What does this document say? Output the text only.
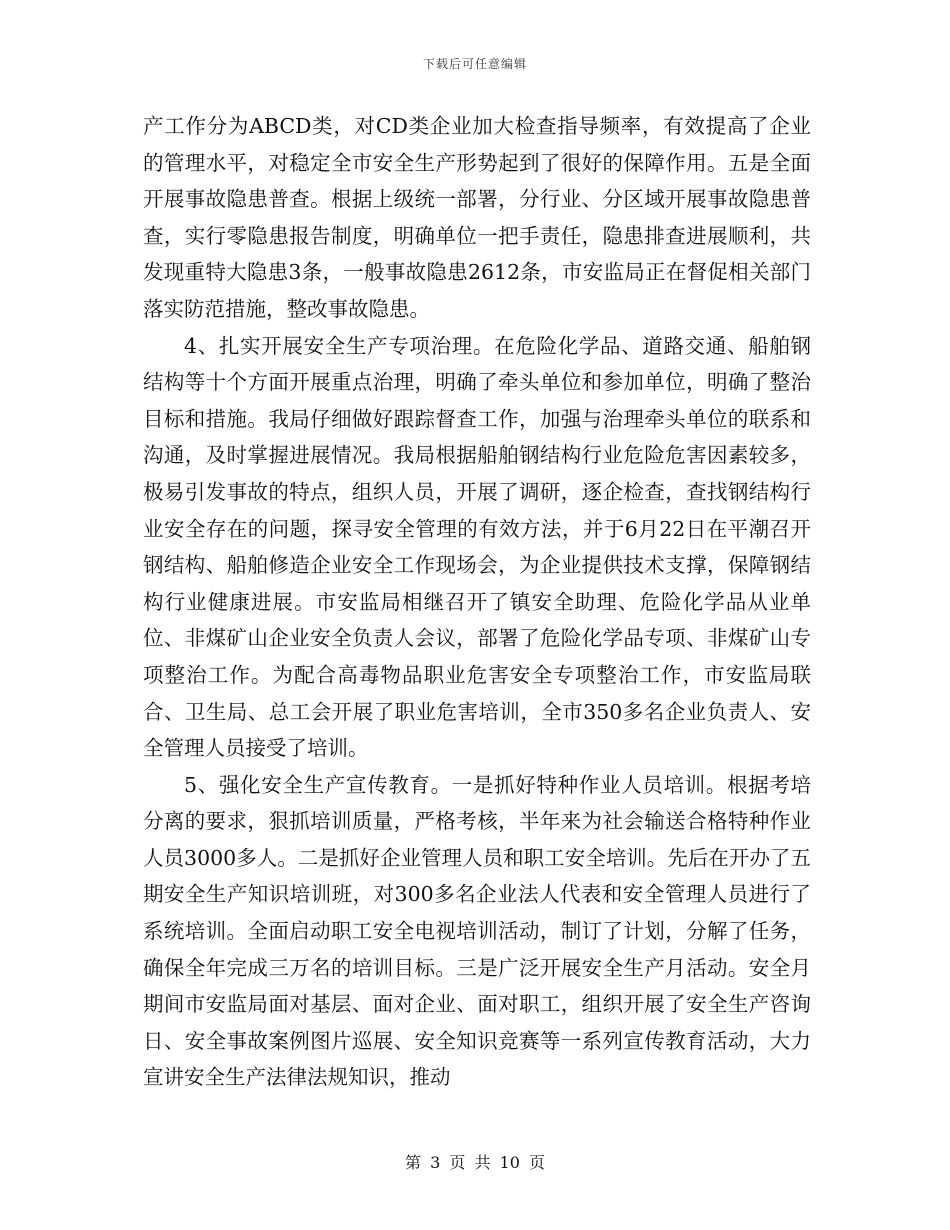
下载后可任意编辑

产工作分为ABCD类，对CD类企业加大检查指导频率，有效提高了企业的管理水平，对稳定全市安全生产形势起到了很好的保障作用。五是全面开展事故隐患普查。根据上级统一部署，分行业、分区域开展事故隐患普查，实行零隐患报告制度，明确单位一把手责任，隐患排查进展顺利，共发现重特大隐患3条，一般事故隐患2612条，市安监局正在督促相关部门落实防范措施，整改事故隐患。

4、扎实开展安全生产专项治理。在危险化学品、道路交通、船舶钢结构等十个方面开展重点治理，明确了牵头单位和参加单位，明确了整治目标和措施。我局仔细做好跟踪督查工作，加强与治理牵头单位的联系和沟通，及时掌握进展情况。我局根据船舶钢结构行业危险危害因素较多，极易引发事故的特点，组织人员，开展了调研，逐企检查，查找钢结构行业安全存在的问题，探寻安全管理的有效方法，并于6月22日在平潮召开钢结构、船舶修造企业安全工作现场会，为企业提供技术支撑，保障钢结构行业健康进展。市安监局相继召开了镇安全助理、危险化学品从业单位、非煤矿山企业安全负责人会议，部署了危险化学品专项、非煤矿山专项整治工作。为配合高毒物品职业危害安全专项整治工作，市安监局联合、卫生局、总工会开展了职业危害培训，全市350多名企业负责人、安全管理人员接受了培训。

5、强化安全生产宣传教育。一是抓好特种作业人员培训。根据考培分离的要求，狠抓培训质量，严格考核，半年来为社会输送合格特种作业人员3000多人。二是抓好企业管理人员和职工安全培训。先后在开办了五期安全生产知识培训班，对300多名企业法人代表和安全管理人员进行了系统培训。全面启动职工安全电视培训活动，制订了计划，分解了任务，确保全年完成三万名的培训目标。三是广泛开展安全生产月活动。安全月期间市安监局面对基层、面对企业、面对职工，组织开展了安全生产咨询日、安全事故案例图片巡展、安全知识竞赛等一系列宣传教育活动，大力宣讲安全生产法律法规知识，推动

第 3 页 共 10 页
